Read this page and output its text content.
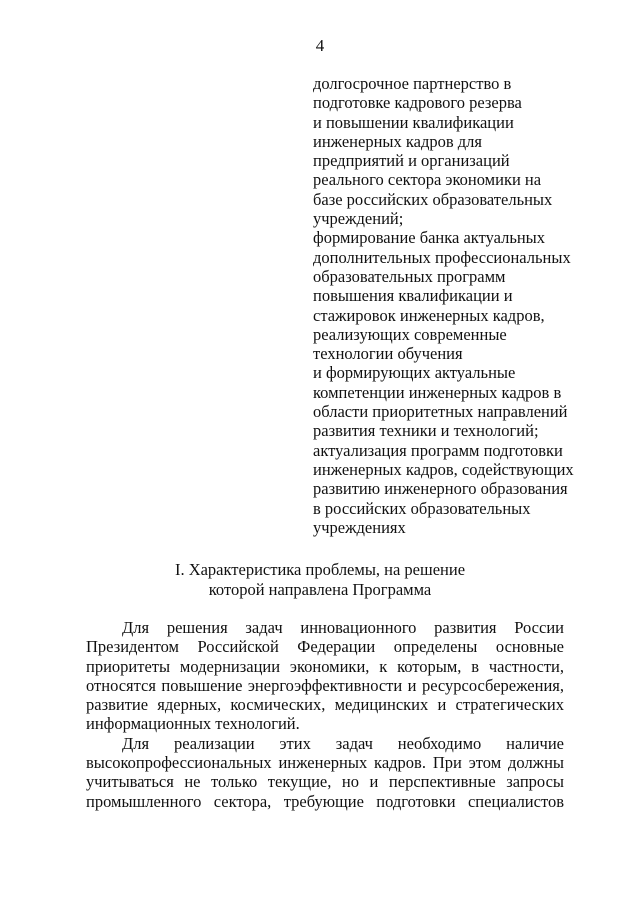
4
долгосрочное партнерство в
подготовке кадрового резерва
и повышении квалификации
инженерных кадров для
предприятий и организаций
реального сектора экономики на
базе российских образовательных
учреждений;
формирование банка актуальных
дополнительных профессиональных
образовательных программ
повышения квалификации и
стажировок инженерных кадров,
реализующих современные
технологии обучения
и формирующих актуальные
компетенции инженерных кадров в
области приоритетных направлений
развития техники и технологий;
актуализация программ подготовки
инженерных кадров, содействующих
развитию инженерного образования
в российских образовательных
учреждениях
I. Характеристика проблемы, на решение
которой направлена Программа
Для решения задач инновационного развития России
Президентом Российской Федерации определены основные
приоритеты модернизации экономики, к которым, в частности,
относятся повышение энергоэффективности и ресурсосбережения,
развитие ядерных, космических, медицинских и стратегических
информационных технологий.
Для реализации этих задач необходимо наличие
высокопрофессиональных инженерных кадров. При этом должны
учитываться не только текущие, но и перспективные запросы
промышленного сектора, требующие подготовки специалистов
